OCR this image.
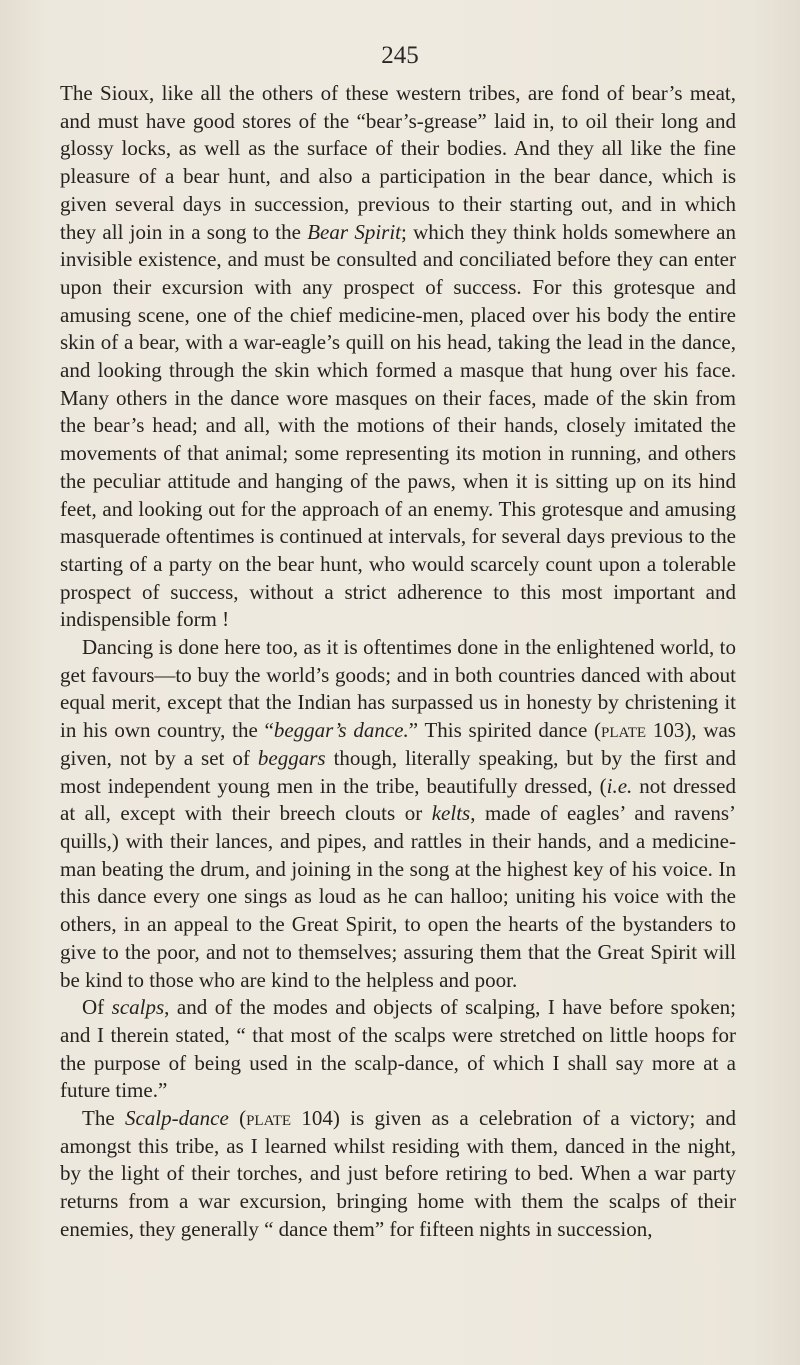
245

The Sioux, like all the others of these western tribes, are fond of bear’s meat, and must have good stores of the “bear’s-grease” laid in, to oil their long and glossy locks, as well as the surface of their bodies. And they all like the fine pleasure of a bear hunt, and also a participation in the bear dance, which is given several days in succession, previous to their starting out, and in which they all join in a song to the Bear Spirit; which they think holds somewhere an invisible existence, and must be consulted and conciliated before they can enter upon their excursion with any prospect of success. For this grotesque and amusing scene, one of the chief medicine-men, placed over his body the entire skin of a bear, with a war-eagle’s quill on his head, taking the lead in the dance, and looking through the skin which formed a masque that hung over his face. Many others in the dance wore masques on their faces, made of the skin from the bear’s head; and all, with the motions of their hands, closely imitated the movements of that animal; some representing its motion in running, and others the peculiar attitude and hanging of the paws, when it is sitting up on its hind feet, and looking out for the approach of an enemy. This grotesque and amusing masquerade oftentimes is continued at intervals, for several days previous to the starting of a party on the bear hunt, who would scarcely count upon a tolerable prospect of success, without a strict adherence to this most important and indispensible form !

Dancing is done here too, as it is oftentimes done in the enlightened world, to get favours—to buy the world’s goods; and in both countries danced with about equal merit, except that the Indian has surpassed us in honesty by christening it in his own country, the “beggar’s dance.” This spirited dance (plate 103), was given, not by a set of beggars though, literally speaking, but by the first and most independent young men in the tribe, beautifully dressed, (i.e. not dressed at all, except with their breech clouts or kelts, made of eagles’ and ravens’ quills,) with their lances, and pipes, and rattles in their hands, and a medicine-man beating the drum, and joining in the song at the highest key of his voice. In this dance every one sings as loud as he can halloo; uniting his voice with the others, in an appeal to the Great Spirit, to open the hearts of the bystanders to give to the poor, and not to themselves; assuring them that the Great Spirit will be kind to those who are kind to the helpless and poor.

Of scalps, and of the modes and objects of scalping, I have before spoken; and I therein stated, “ that most of the scalps were stretched on little hoops for the purpose of being used in the scalp-dance, of which I shall say more at a future time.”

The Scalp-dance (plate 104) is given as a celebration of a victory; and amongst this tribe, as I learned whilst residing with them, danced in the night, by the light of their torches, and just before retiring to bed. When a war party returns from a war excursion, bringing home with them the scalps of their enemies, they generally “ dance them” for fifteen nights in succession,
